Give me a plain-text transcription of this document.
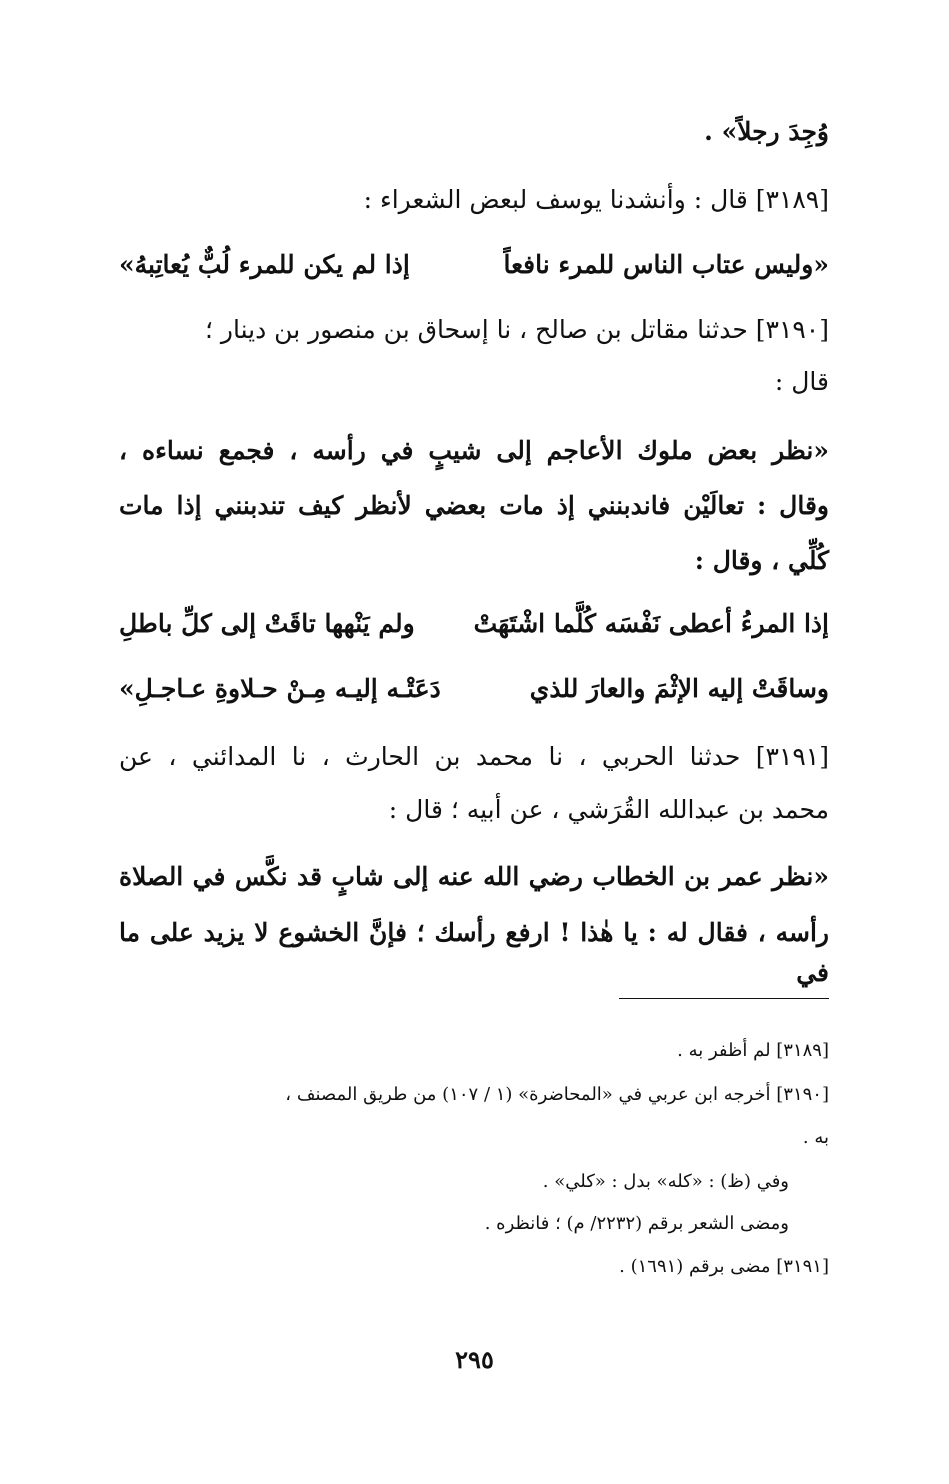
وُجِدَ رجلاً» .
[٣١٨٩] قال : وأنشدنا يوسف لبعض الشعراء :
«وليس عتاب الناس للمرء نافعاً
إذا لم يكن للمرء لُبٌّ يُعاتِبهُ»
[٣١٩٠] حدثنا مقاتل بن صالح ، نا إسحاق بن منصور بن دينار ؛
قال :
«نظر بعض ملوك الأعاجم إلى شيبٍ في رأسه ، فجمع نساءه ،
وقال : تعالَيْن فاندبنني إذ مات بعضي لأنظر كيف تندبنني إذا مات
كُلِّي ، وقال :
إذا المرءُ أعطى نَفْسَه كُلَّما اشْتَهَتْ
ولم يَنْهها تاقَتْ إلى كلِّ باطلِ
وساقَتْ إليه الإثْمَ والعارَ للذي
دَعَتْـه إليـه مِـنْ حـلاوةِ عـاجـلِ»
[٣١٩١] حدثنا الحربي ، نا محمد بن الحارث ، نا المدائني ، عن
محمد بن عبدالله القُرَشي ، عن أبيه ؛ قال :
«نظر عمر بن الخطاب رضي الله عنه إلى شابٍ قد نكَّس في الصلاة
رأسه ، فقال له : يا هٰذا ! ارفع رأسك ؛ فإنَّ الخشوع لا يزيد على ما في
[٣١٨٩] لم أظفر به .
[٣١٩٠] أخرجه ابن عربي في «المحاضرة» (١ / ١٠٧) من طريق المصنف ،
به .
وفي (ظ) : «كله» بدل : «كلي» .
ومضى الشعر برقم (٢٢٣٢/ م) ؛ فانظره .
[٣١٩١] مضى برقم (١٦٩١) .
٢٩٥
